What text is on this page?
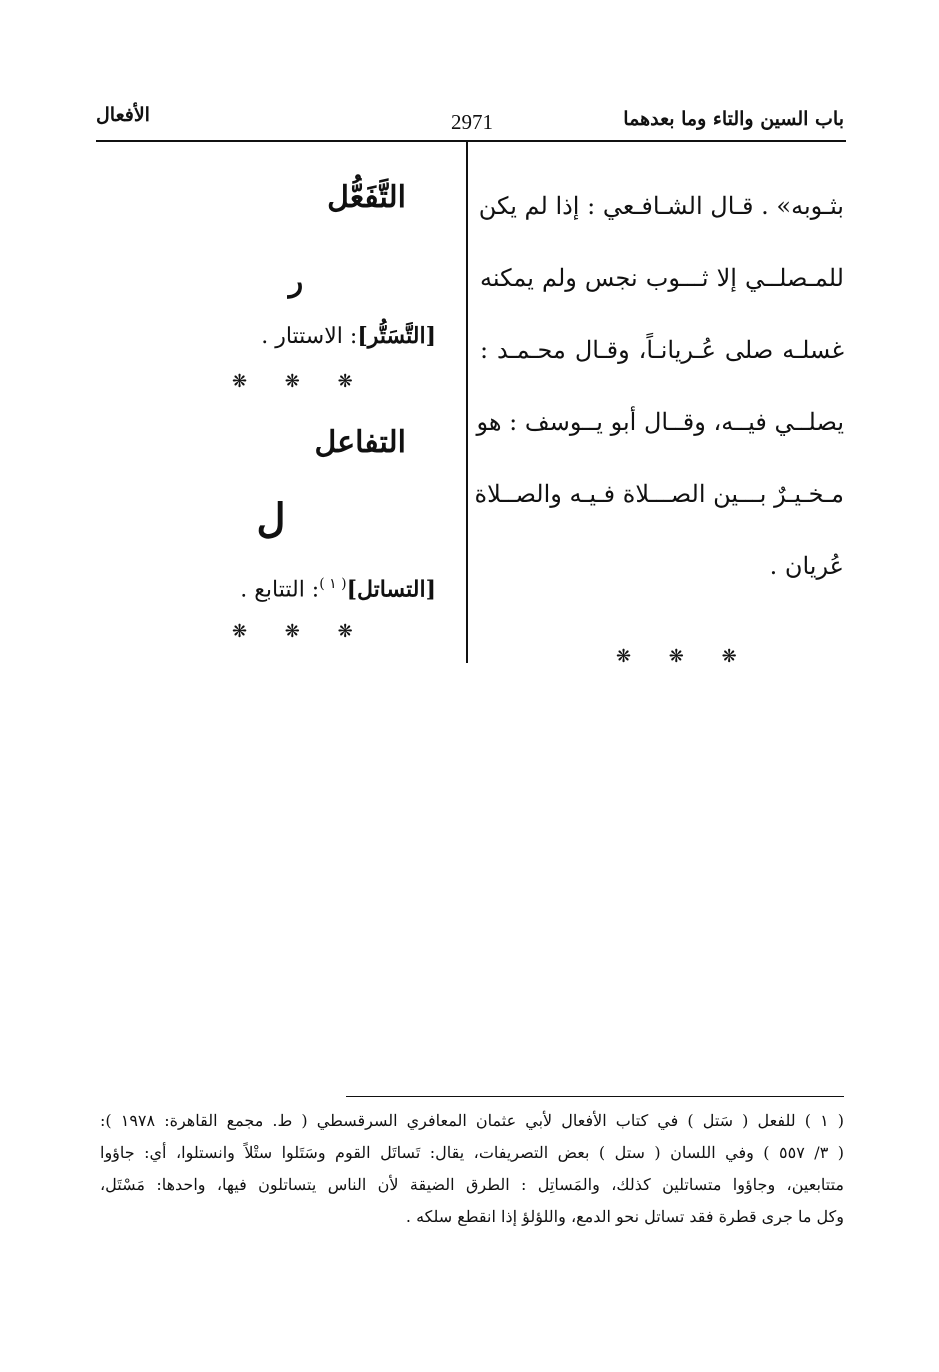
باب السين والتاء وما بعدهما
2971
الأفعال
بثـوبه» . قـال الشـافـعي : إذا لم يكن
للمـصلــي إلا ثـــوب نجس ولم يمكنه
غسلـه صلى عُـريانـاً، وقـال محـمـد :
يصلــي فيــه، وقــال أبو يــوسف : هو
مـخـيـرٌ بـــين الصـــلاة فـيـه والصــلاة
عُريان .
❋ ❋ ❋
التَّفَعُّل
ر
[التَّسَتُّر]: الاستتار .
❋ ❋ ❋
التفاعل
ل
[التساتل]$^{( ١ )}$: التتابع .
❋ ❋ ❋
( ١ ) للفعل ( سَتل ) في كتاب الأفعال لأبي عثمان المعافري السرقسطي ( ط. مجمع القاهرة: ١٩٧٨ ):
( ٣/ ٥٥٧ ) وفي اللسان ( ستل ) بعض التصريفات، يقال: تَساتَل القوم وسَتَلوا ستْلاً وانستلوا، أي: جاؤوا
متتابعين، وجاؤوا متساتلين كذلك، والمَساتِل : الطرق الضيقة لأن الناس يتساتلون فيها، واحدها: مَسْتَل،
وكل ما جرى قطرة فقد تساتل نحو الدمع، واللؤلؤ إذا انقطع سلكه .
